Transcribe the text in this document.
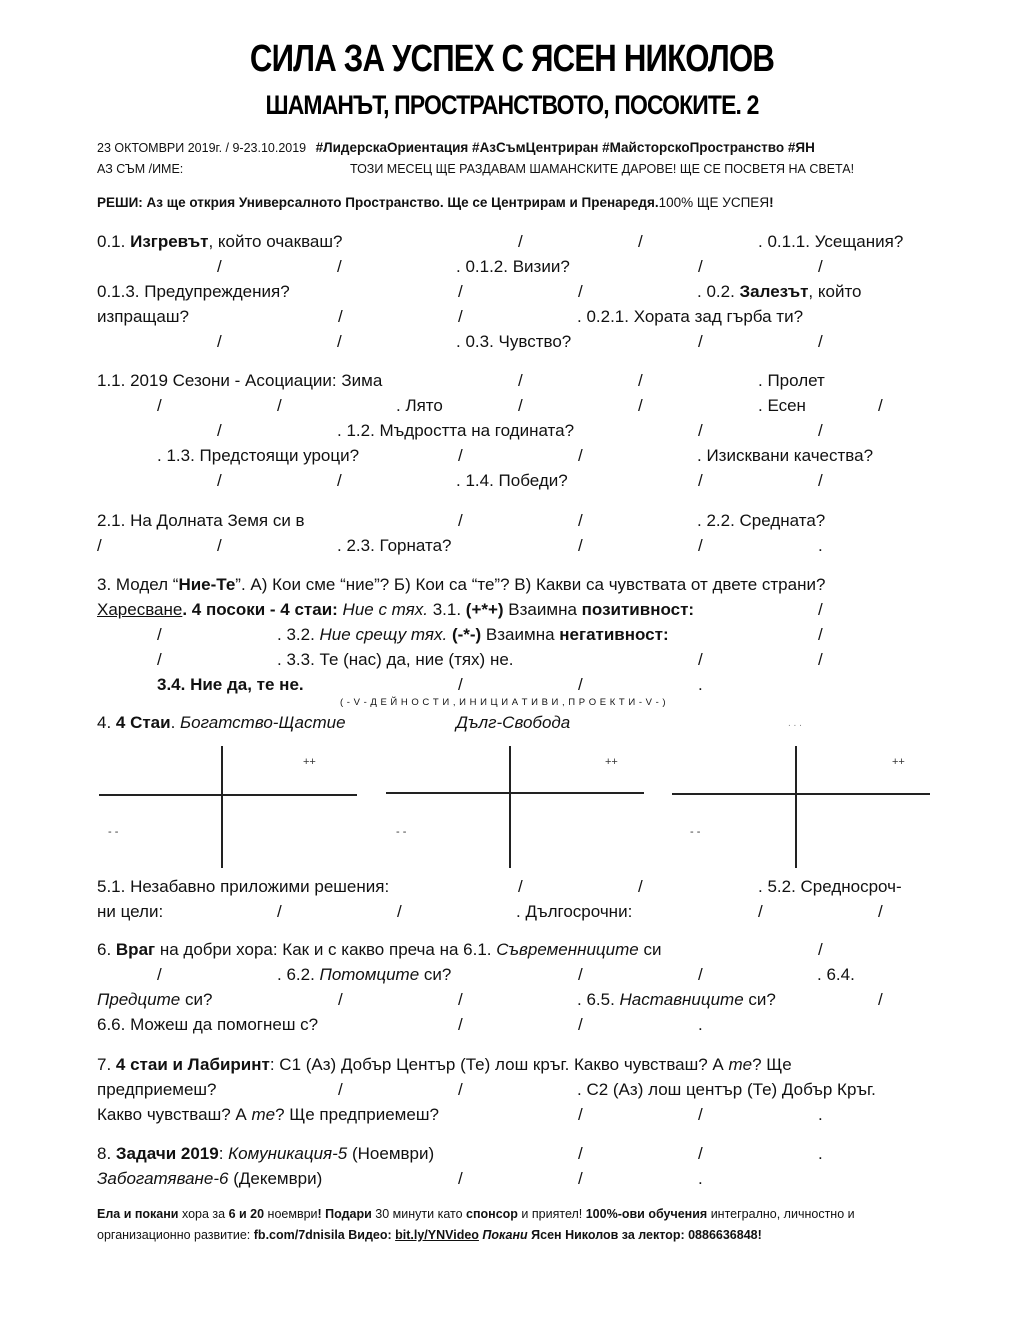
СИЛА ЗА УСПЕХ С ЯСЕН НИКОЛОВ
ШАМАНЪТ, ПРОСТРАНСТВОТО, ПОСОКИТЕ. 2
23 ОКТОМВРИ 2019г. / 9-23.10.2019 #ЛидерскаОриентация #АзСъмЦентриран #МайсторскоПространство #ЯН
АЗ СЪМ /ИМЕ:	ТОЗИ МЕСЕЦ ЩЕ РАЗДАВАМ ШАМАНСКИТЕ ДАРОВЕ! ЩЕ СЕ ПОСВЕТЯ НА СВЕТА!
РЕШИ: Аз ще открия Универсалното Пространство. Ще се Центрирам и Пренаредя.100% ЩЕ УСПЕЯ!
0.1. Изгревът, който очакваш?	/	/	. 0.1.1. Усещания?
/	/	. 0.1.2. Визии?	/	/
0.1.3. Предупреждения?	/	/	. 0.2. Залезът, който
изпращаш?	/	/	. 0.2.1. Хората зад гърба ти?
/	/	. 0.3. Чувство?	/	/
1.1. 2019 Сезони - Асоциации: Зима	/	/	. Пролет
/	/	. Лято	/	/	. Есен	/
/	. 1.2. Мъдростта на годината?	/	/
. 1.3. Предстоящи уроци?	/	/	. Изисквани качества?
/	/	. 1.4. Победи?	/	/
2.1. На Долната Земя си в	/	/	. 2.2. Средната?
/	/	. 2.3. Горната?	/	/	.
3. Модел “Ние-Те”. А) Кои сме “ние”? Б) Кои са “те”? В) Какви са чувствата от двете страни?
Харесване. 4 посоки - 4 стаи: Ние с тях. 3.1. (+*+) Взаимна позитивност:	/
/	. 3.2. Ние срещу тях. (-*-) Взаимна негативност:	/
/	. 3.3. Те (нас) да, ние (тях) не.	/	/
3.4. Ние да, те не.	/	/	.
( - V - Д Е Й Н О С Т И , И Н И Ц И А Т И В И , П Р О Е К Т И - V - )
4. 4 Стаи. Богатство-Щастие	Дълг-Свобода	. . .
++
- -
++
- -
++
- -
5.1. Незабавно приложими решения:	/	/	. 5.2. Средносроч-
ни цели:	/	/	. Дългосрочни:	/	/
6. Враг на добри хора: Как и с какво преча на 6.1. Съвременниците си	/
/	. 6.2. Потомците си?	/	/	. 6.4.
Предците си?	/	/	. 6.5. Наставниците си?	/
6.6. Можеш да помогнеш с?	/	/	.
7. 4 стаи и Лабиринт: С1 (Аз) Добър Център (Те) лош кръг. Какво чувстваш? А те? Ще
предприемеш?	/	/	. С2 (Аз) лош център (Те) Добър Кръг.
Какво чувстваш? А те? Ще предприемеш?	/	/	.
8. Задачи 2019: Комуникация-5 (Ноември)	/	/	.
Забогатяване-6 (Декември)	/	/	.
Ела и покани хора за 6 и 20 ноември! Подари 30 минути като спонсор и приятел! 100%-ови обучения интегрално, личностно и
организационно развитие: fb.com/7dnisila Видео: bit.ly/YNVideo Покани Ясен Николов за лектор: 0886636848!
